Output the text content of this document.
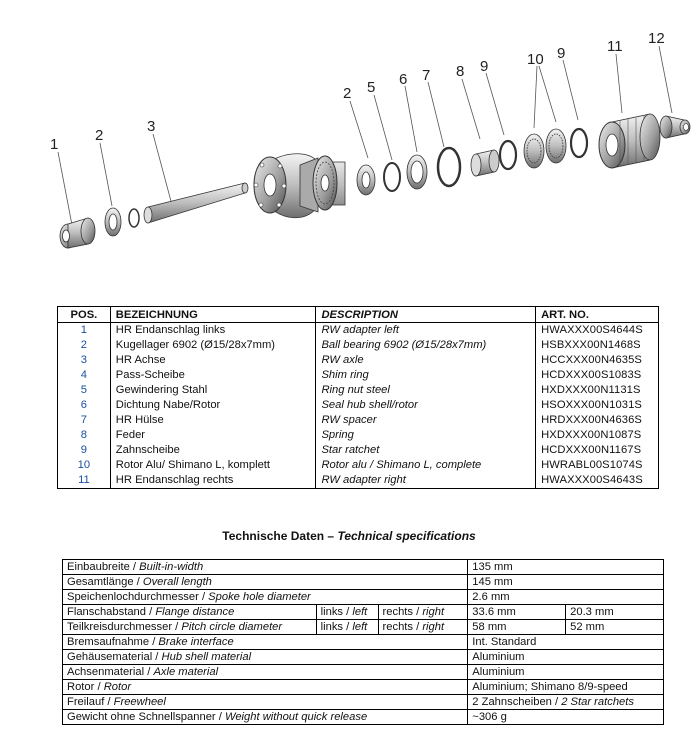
1
2
3
2 5 6 7 8 9	10 9	11 12
POS.	BEZEICHNUNG	DESCRIPTION	ART. NO.
1	HR Endanschlag links	RW adapter left	HWAXXX00S4644S
2	Kugellager 6902 (Ø15/28x7mm)	Ball bearing 6902 (Ø15/28x7mm)	HSBXXX00N1468S
3	HR Achse	RW axle	HCCXXX00N4635S
4	Pass-Scheibe	Shim ring	HCDXXX00S1083S
5	Gewindering Stahl	Ring nut steel	HXDXXX00N1131S
6	Dichtung Nabe/Rotor	Seal hub shell/rotor	HSOXXX00N1031S
7	HR Hülse	RW spacer	HRDXXX00N4636S
8	Feder	Spring	HXDXXX00N1087S
9	Zahnscheibe	Star ratchet	HCDXXX00N1167S
10	Rotor Alu/ Shimano L, komplett	Rotor alu / Shimano L, complete	HWRABL00S1074S
11	HR Endanschlag rechts	RW adapter right	HWAXXX00S4643S
Technische Daten – Technical specifications
Einbaubreite / Built-in-width			135 mm	
Gesamtlänge / Overall length			145 mm	
Speichenlochdurchmesser / Spoke hole diameter			2.6 mm	
Flanschabstand / Flange distance	links / left	rechts / right	33.6 mm	20.3 mm
Teilkreisdurchmesser / Pitch circle diameter	links / left	rechts / right	58 mm	52 mm
Bremsaufnahme / Brake interface			Int. Standard	
Gehäusematerial / Hub shell material			Aluminium	
Achsenmaterial / Axle material			Aluminium	
Rotor / Rotor			Aluminium; Shimano 8/9-speed	
Freilauf / Freewheel			2 Zahnscheiben / 2 Star ratchets	
Gewicht ohne Schnellspanner / Weight without quick release			~306 g	
